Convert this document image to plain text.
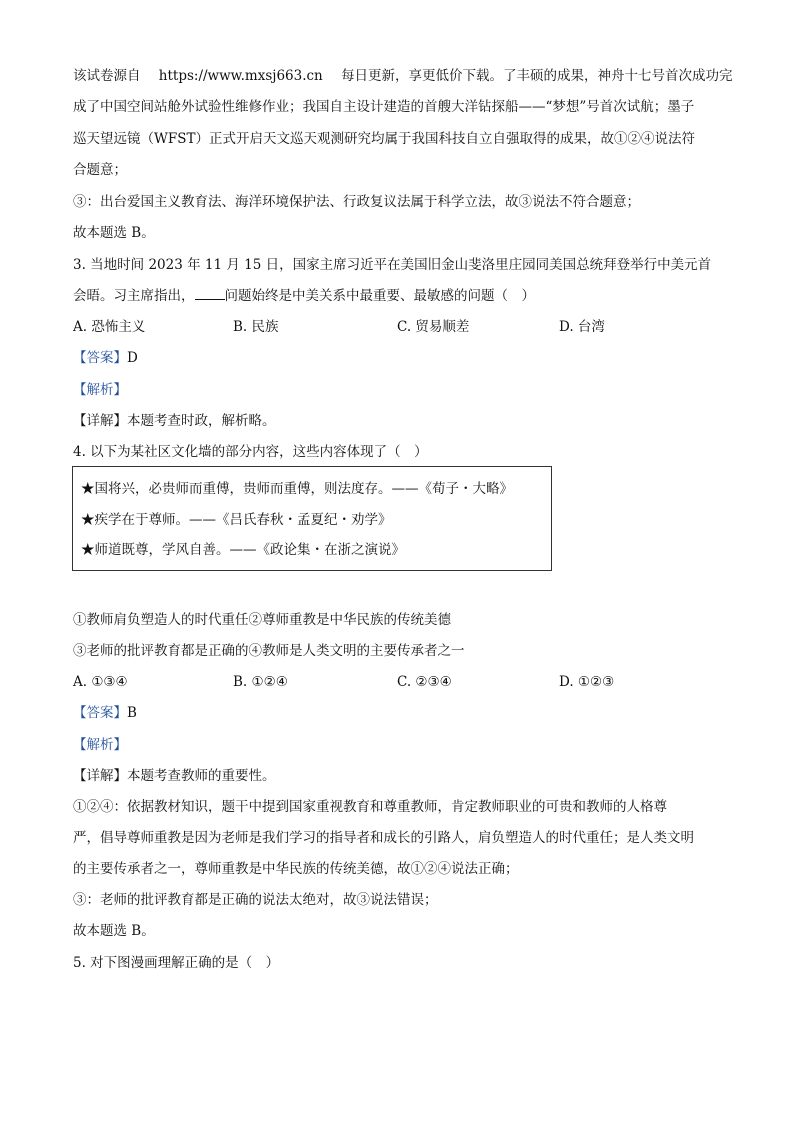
该试卷源自 https://www.mxsj663.cn 每日更新，享更低价下载。了丰硕的成果，神舟十七号首次成功完
成了中国空间站舱外试验性维修作业；我国自主设计建造的首艘大洋钻探船——“梦想”号首次试航；墨子
巡天望远镜（WFST）正式开启天文巡天观测研究均属于我国科技自立自强取得的成果，故①②④说法符
合题意；
③：出台爱国主义教育法、海洋环境保护法、行政复议法属于科学立法，故③说法不符合题意；
故本题选 B。
3. 当地时间 2023 年 11 月 15 日，国家主席习近平在美国旧金山斐洛里庄园同美国总统拜登举行中美元首
会晤。习主席指出， 问题始终是中美关系中最重要、最敏感的问题（　）
A. 恐怖主义	B. 民族	C. 贸易顺差	D. 台湾
【答案】D
【解析】
【详解】本题考查时政，解析略。
4. 以下为某社区文化墙的部分内容，这些内容体现了（　）
★国将兴，必贵师而重傅，贵师而重傅，则法度存。——《荀子・大略》
★疾学在于尊师。——《吕氏春秋・孟夏纪・劝学》
★师道既尊，学风自善。——《政论集・在浙之演说》
①教师肩负塑造人的时代重任②尊师重教是中华民族的传统美德
③老师的批评教育都是正确的④教师是人类文明的主要传承者之一
A. ①③④	B. ①②④	C. ②③④	D. ①②③
【答案】B
【解析】
【详解】本题考查教师的重要性。
①②④：依据教材知识，题干中提到国家重视教育和尊重教师，肯定教师职业的可贵和教师的人格尊
严，倡导尊师重教是因为老师是我们学习的指导者和成长的引路人，肩负塑造人的时代重任；是人类文明
的主要传承者之一，尊师重教是中华民族的传统美德，故①②④说法正确；
③：老师的批评教育都是正确的说法太绝对，故③说法错误；
故本题选 B。
5. 对下图漫画理解正确的是（　）
